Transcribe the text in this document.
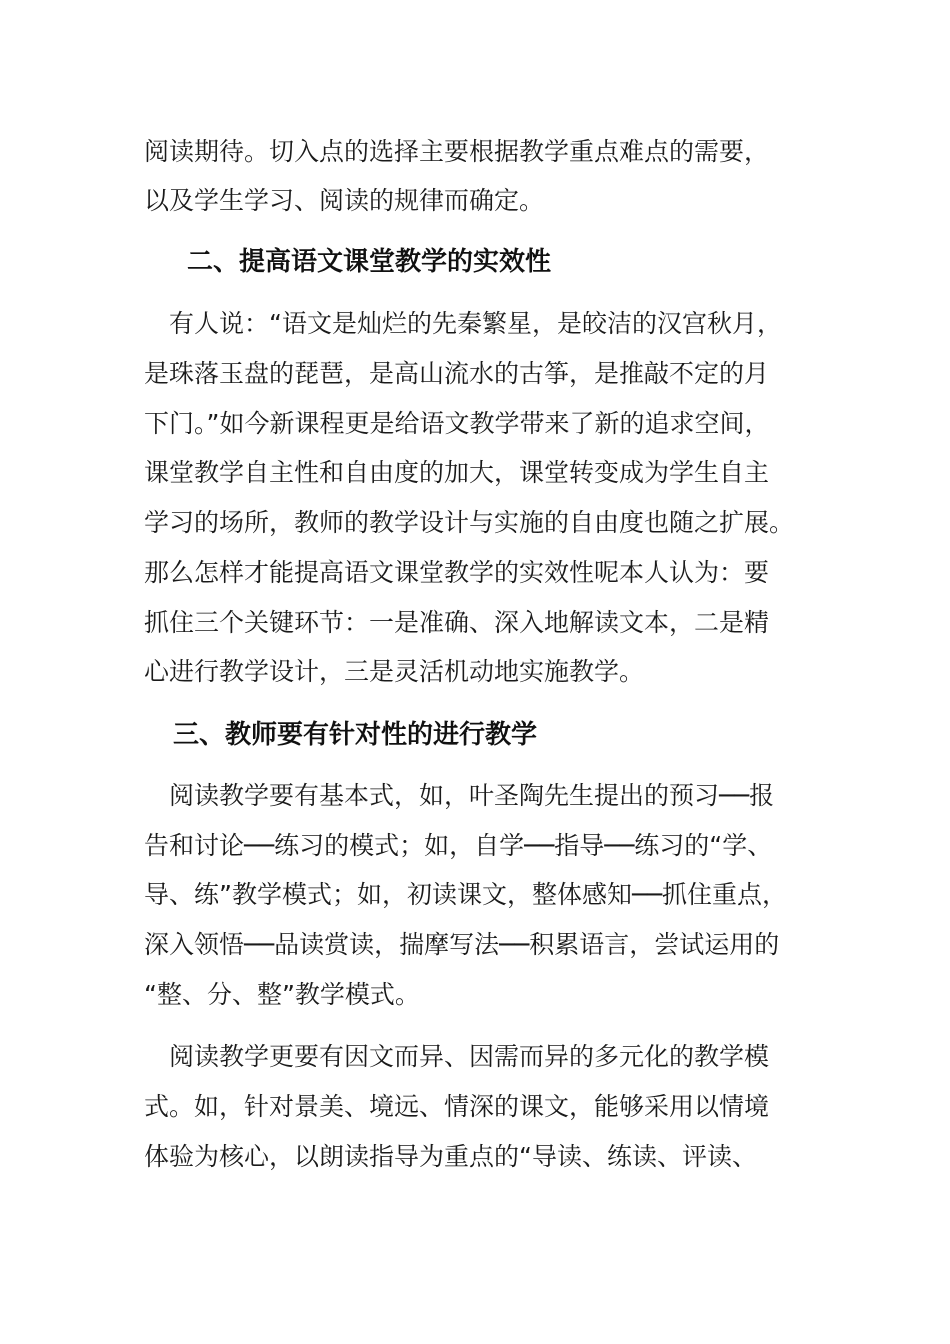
阅读期待。切入点的选择主要根据教学重点难点的需要，
以及学生学习、阅读的规律而确定。
二、提高语文课堂教学的实效性
　有人说：“语文是灿烂的先秦繁星，是皎洁的汉宫秋月，
是珠落玉盘的琵琶，是高山流水的古筝，是推敲不定的月
下门。”如今新课程更是给语文教学带来了新的追求空间，
课堂教学自主性和自由度的加大，课堂转变成为学生自主
学习的场所，教师的教学设计与实施的自由度也随之扩展。
那么怎样才能提高语文课堂教学的实效性呢本人认为：要
抓住三个关键环节：一是准确、深入地解读文本，二是精
心进行教学设计，三是灵活机动地实施教学。
三、教师要有针对性的进行教学
　阅读教学要有基本式，如，叶圣陶先生提出的预习──报
告和讨论──练习的模式；如，自学──指导──练习的“学、
导、练”教学模式；如，初读课文，整体感知──抓住重点，
深入领悟──品读赏读，揣摩写法──积累语言，尝试运用的
“整、分、整”教学模式。
　阅读教学更要有因文而异、因需而异的多元化的教学模
式。如，针对景美、境远、情深的课文，能够采用以情境
体验为核心，以朗读指导为重点的“导读、练读、评读、
